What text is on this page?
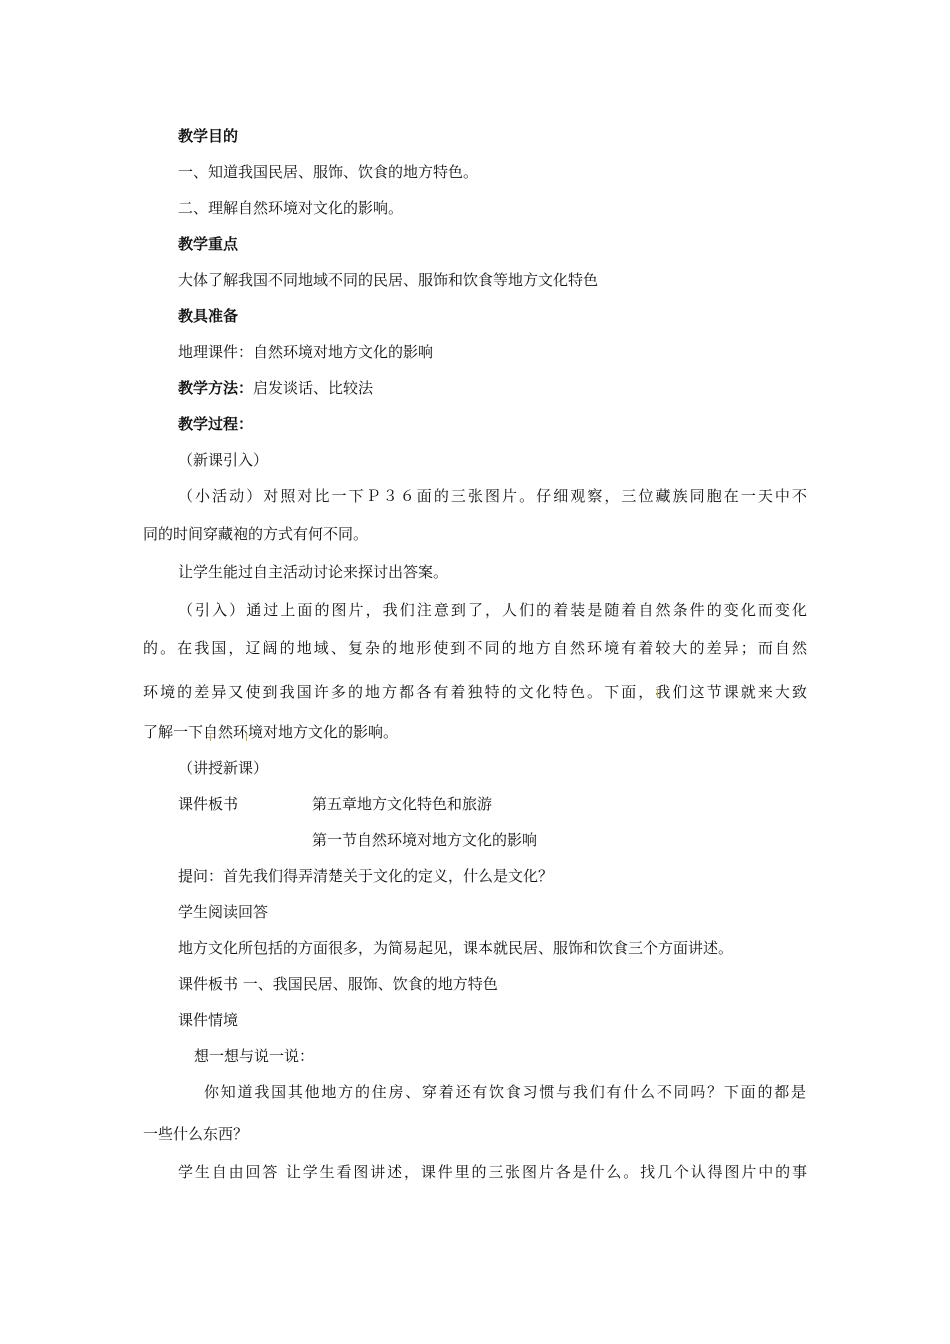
教学目的
一、知道我国民居、服饰、饮食的地方特色。
二、理解自然环境对文化的影响。
教学重点
大体了解我国不同地域不同的民居、服饰和饮食等地方文化特色
教具准备
地理课件：自然环境对地方文化的影响
教学方法：启发谈话、比较法
教学过程：
（新课引入）
（小活动）对照对比一下Ｐ３６面的三张图片。仔细观察，三位藏族同胞在一天中不
同的时间穿藏袍的方式有何不同。
让学生能过自主活动讨论来探讨出答案。
（引入）通过上面的图片，我们注意到了，人们的着装是随着自然条件的变化而变化
的。在我国，辽阔的地域、复杂的地形使到不同的地方自然环境有着较大的差异；而自然
环境的差异又使到我国许多的地方都各有着独特的文化特色。下面，我们这节课就来大致
了解一下自然环境对地方文化的影响。
（讲授新课）
课件板书	第五章地方文化特色和旅游
第一节自然环境对地方文化的影响
提问：首先我们得弄清楚关于文化的定义，什么是文化？
学生阅读回答
地方文化所包括的方面很多，为简易起见，课本就民居、服饰和饮食三个方面讲述。
课件板书 一、我国民居、服饰、饮食的地方特色
课件情境
想一想与说一说：
你知道我国其他地方的住房、穿着还有饮食习惯与我们有什么不同吗？下面的都是
一些什么东西？
学生自由回答 让学生看图讲述，课件里的三张图片各是什么。找几个认得图片中的事
